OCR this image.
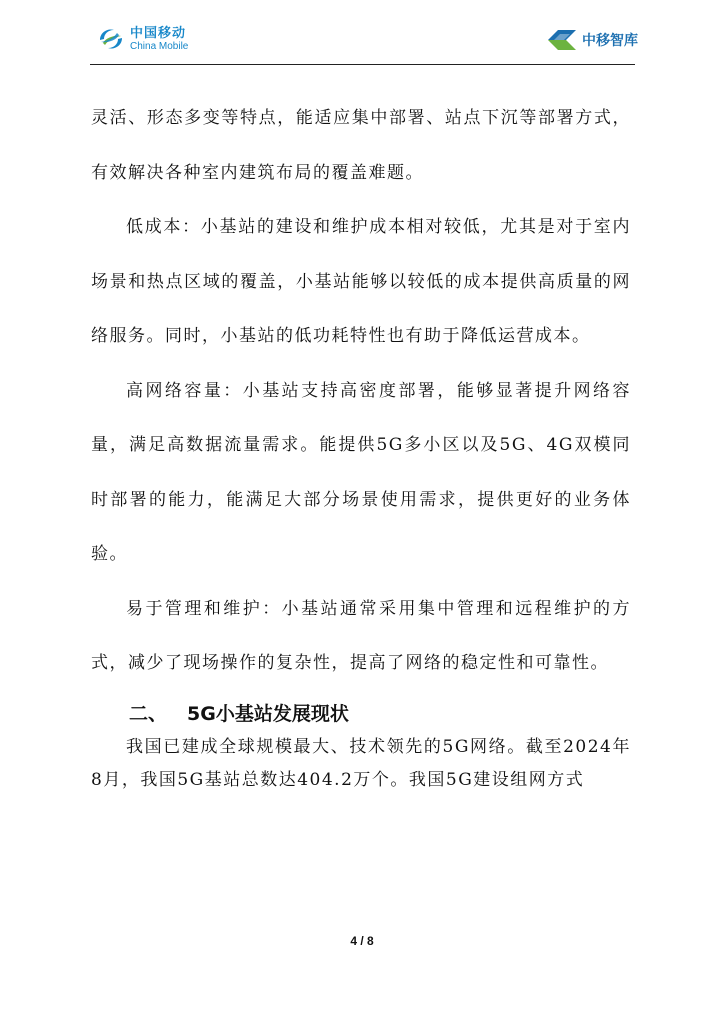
中国移动
China Mobile	中移智库

灵活、形态多变等特点，能适应集中部署、站点下沉等部署方式，有效解决各种室内建筑布局的覆盖难题。

低成本：小基站的建设和维护成本相对较低，尤其是对于室内场景和热点区域的覆盖，小基站能够以较低的成本提供高质量的网络服务。同时，小基站的低功耗特性也有助于降低运营成本。

高网络容量：小基站支持高密度部署，能够显著提升网络容量，满足高数据流量需求。能提供5G多小区以及5G、4G双模同时部署的能力，能满足大部分场景使用需求，提供更好的业务体验。

易于管理和维护：小基站通常采用集中管理和远程维护的方式，减少了现场操作的复杂性，提高了网络的稳定性和可靠性。

二、 5G小基站发展现状

我国已建成全球规模最大、技术领先的5G网络。截至2024年8月，我国5G基站总数达404.2万个。我国5G建设组网方式

4 / 8
